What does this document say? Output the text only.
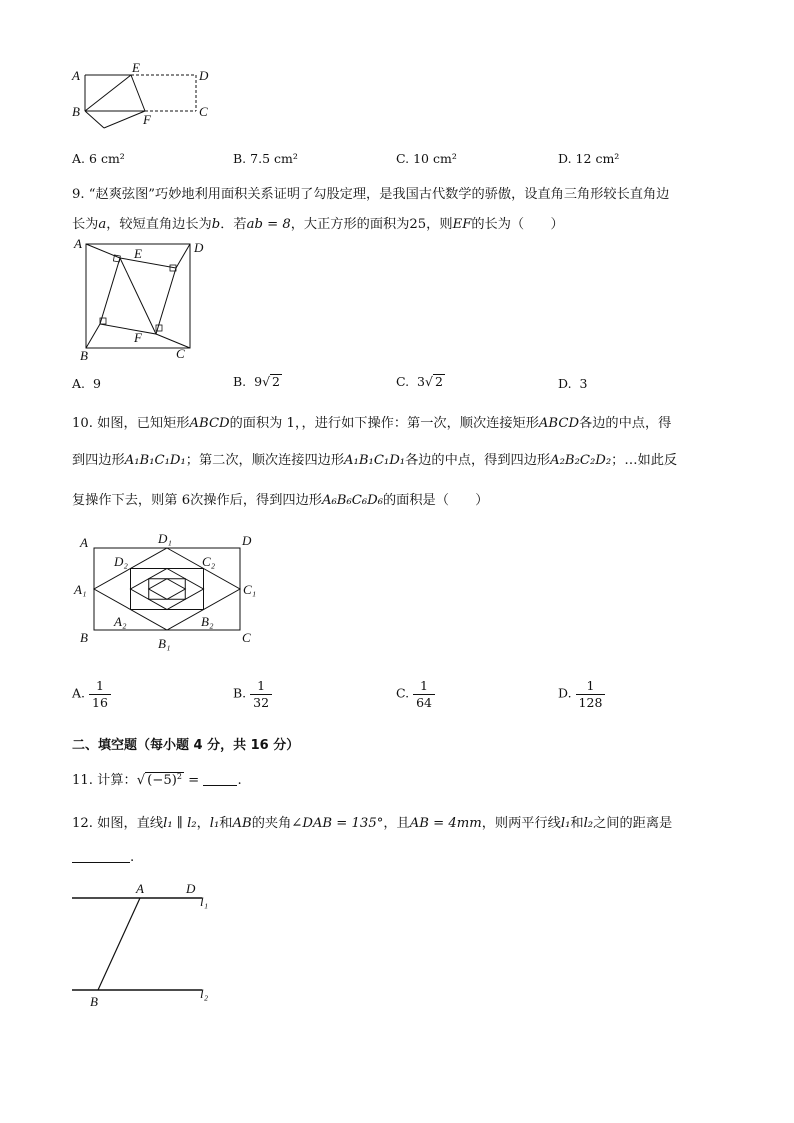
A
E
D
B
F
C
A. 6 cm²	B. 7.5 cm²	C. 10 cm²	D. 12 cm²
9. “赵爽弦图”巧妙地利用面积关系证明了勾股定理，是我国古代数学的骄傲，设直角三角形较长直角边
长为a，较短直角边长为b．若ab = 8，大正方形的面积为25，则EF的长为（　　）
A	D
E
B
F
C
A. 9	B. 9√ 2	C. 3√ 2	D. 3
10. 如图，已知矩形ABCD的面积为 1，，进行如下操作：第一次，顺次连接矩形ABCD各边的中点，得
到四边形A₁B₁C₁D₁；第二次，顺次连接四边形A₁B₁C₁D₁各边的中点，得到四边形A₂B₂C₂D₂；…如此反
复操作下去，则第 6次操作后，得到四边形A₆B₆C₆D₆的面积是（　　）
A	D
D₁
D₂	C₂
A₁	C₁
A₂	B₂
B	B₁	C
A. $\frac{1}{16}$	B. $\frac{1}{32}$	C. $\frac{1}{64}$	D. $\frac{1}{128}$
二、填空题（每小题 4 分，共 16 分）
11. 计算：√ $(-5)^2$ =	.
12. 如图，直线l₁ ∥ l₂，l₁和AB的夹角∠DAB = 135°，且AB = 4mm，则两平行线l₁和l₂之间的距离是
.
A	D
l₁
B
l₂
